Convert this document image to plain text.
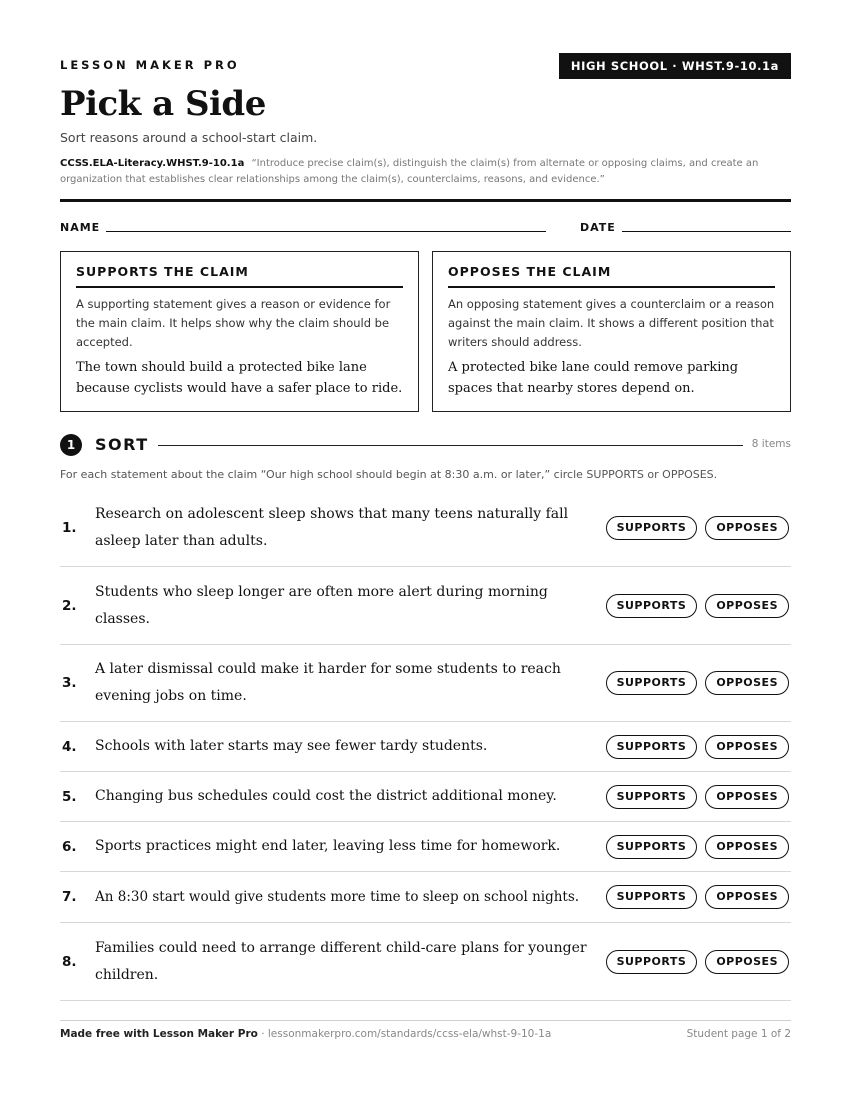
LESSON MAKER PRO	HIGH SCHOOL · WHST.9-10.1a
Pick a Side
Sort reasons around a school-start claim.
CCSS.ELA-Literacy.WHST.9-10.1a “Introduce precise claim(s), distinguish the claim(s) from alternate or opposing claims, and create an organization that establishes clear relationships among the claim(s), counterclaims, reasons, and evidence.”
NAME	DATE
SUPPORTS THE CLAIM
A supporting statement gives a reason or evidence for the main claim. It helps show why the claim should be accepted.
The town should build a protected bike lane because cyclists would have a safer place to ride.
OPPOSES THE CLAIM
An opposing statement gives a counterclaim or a reason against the main claim. It shows a different position that writers should address.
A protected bike lane could remove parking spaces that nearby stores depend on.
1	SORT	8 items
For each statement about the claim “Our high school should begin at 8:30 a.m. or later,” circle SUPPORTS or OPPOSES.
1.
Research on adolescent sleep shows that many teens naturally fall asleep later than adults.
SUPPORTS	OPPOSES
2.
Students who sleep longer are often more alert during morning classes.
SUPPORTS	OPPOSES
3.
A later dismissal could make it harder for some students to reach evening jobs on time.
SUPPORTS	OPPOSES
4. Schools with later starts may see fewer tardy students.	SUPPORTS	OPPOSES
5. Changing bus schedules could cost the district additional money.	SUPPORTS	OPPOSES
6. Sports practices might end later, leaving less time for homework.	SUPPORTS	OPPOSES
7. An 8:30 start would give students more time to sleep on school nights.	SUPPORTS	OPPOSES
8.
Families could need to arrange different child-care plans for younger children.
SUPPORTS	OPPOSES
Made free with Lesson Maker Pro · lessonmakerpro.com/standards/ccss-ela/whst-9-10-1a	Student page 1 of 2
